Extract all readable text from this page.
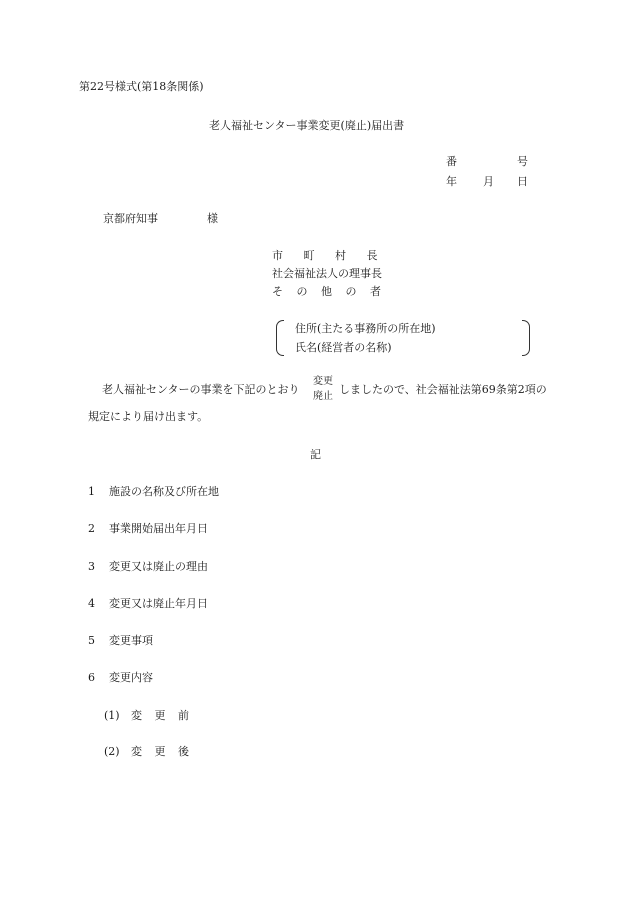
第22号様式(第18条関係)
老人福祉センター事業変更(廃止)届出書
番	号
年 月 日
京都府知事	様
市 町 村 長
社会福祉法人の理事長
そ の 他 の 者
住所(主たる事務所の所在地)
氏名(経営者の名称)
老人福祉センターの事業を下記のとおり
変更
廃止
しましたので、社会福祉法第69条第2項の
規定により届け出ます。
記
1 施設の名称及び所在地
2 事業開始届出年月日
3 変更又は廃止の理由
4 変更又は廃止年月日
5 変更事項
6 変更内容
(1) 変 更 前
(2) 変 更 後
